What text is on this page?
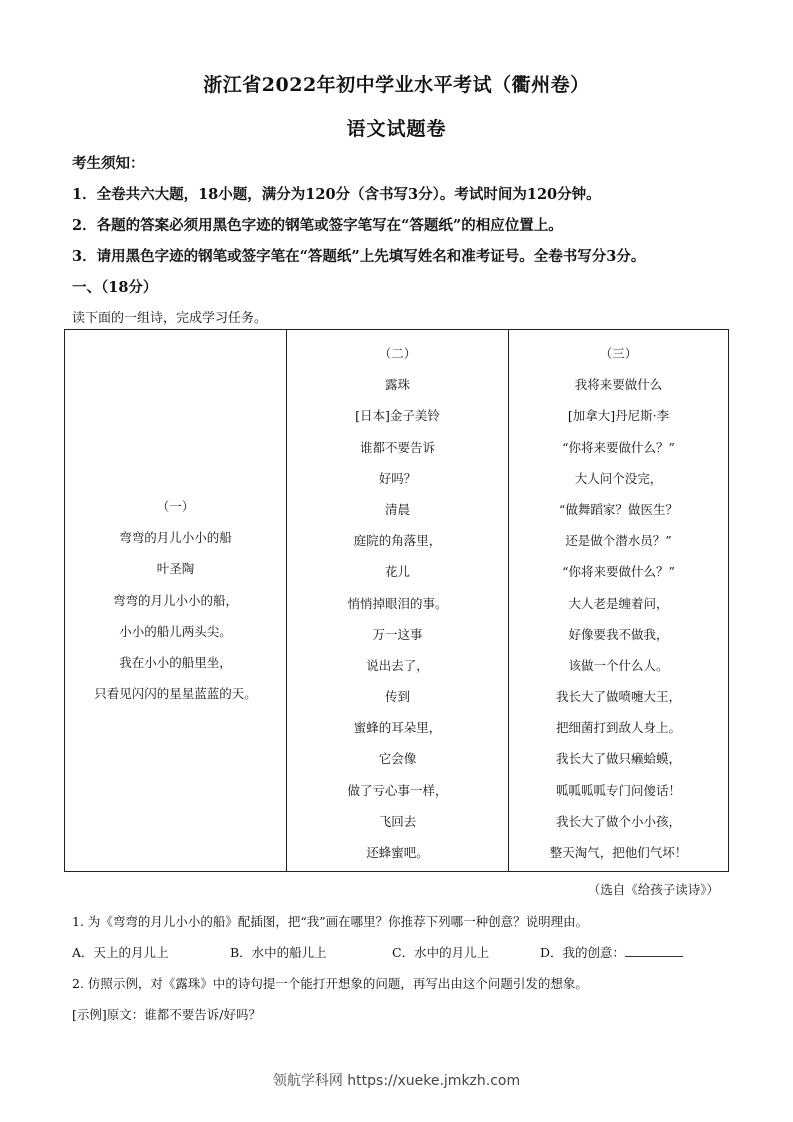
浙江省2022年初中学业水平考试（衢州卷）
语文试题卷
考生须知：
1．全卷共六大题，18小题，满分为120分（含书写3分）。考试时间为120分钟。
2．各题的答案必须用黑色字迹的钢笔或签字笔写在“答题纸”的相应位置上。
3．请用黑色字迹的钢笔或签字笔在“答题纸”上先填写姓名和准考证号。全卷书写分3分。
一、（18分）
读下面的一组诗，完成学习任务。
（一）
弯弯的月儿小小的船
叶圣陶
弯弯的月儿小小的船，
小小的船儿两头尖。
我在小小的船里坐，
只看见闪闪的星星蓝蓝的天。

（二）
露珠
[日本]金子美铃
谁都不要告诉
好吗？
清晨
庭院的角落里，
花儿
悄悄掉眼泪的事。
万一这事
说出去了，
传到
蜜蜂的耳朵里，
它会像
做了亏心事一样，
飞回去
还蜂蜜吧。

（三）
我将来要做什么
[加拿大]丹尼斯·李
“你将来要做什么？”
大人问个没完，
“做舞蹈家？做医生？
还是做个潜水员？”
“你将来要做什么？”
大人老是缠着问，
好像要我不做我，
该做一个什么人。
我长大了做喷嚏大王，
把细菌打到敌人身上。
我长大了做只癞蛤蟆，
呱呱呱呱专门问傻话！
我长大了做个小小孩，
整天淘气，把他们气坏！
（选自《给孩子读诗》）
1. 为《弯弯的月儿小小的船》配插图，把“我”画在哪里？你推荐下列哪一种创意？说明理由。
A．天上的月儿上	B．水中的船儿上	C．水中的月儿上	D．我的创意：
2. 仿照示例，对《露珠》中的诗句提一个能打开想象的问题，再写出由这个问题引发的想象。
[示例]原文：谁都不要告诉/好吗？
领航学科网 https://xueke.jmkzh.com
